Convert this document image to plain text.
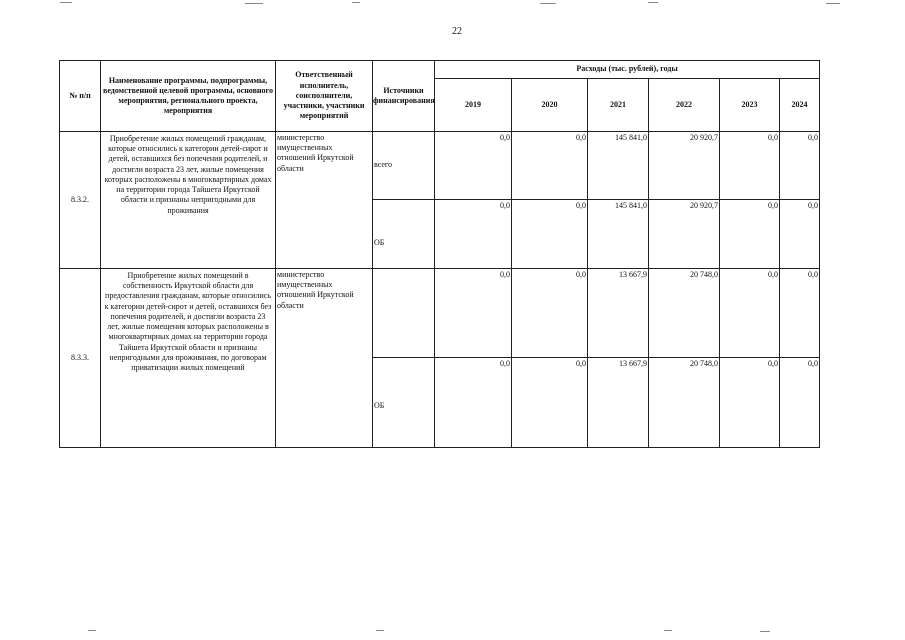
22
№ п/п	Наименование программы, подпрограммы, ведомственной целевой программы, основного мероприятия, регионального проекта, мероприятия	Ответственный исполнитель, соисполнители, участники, участники мероприятий	Источники финансирования	Расходы (тыс. рублей), годы					
				2019	2020	2021	2022	2023	2024
8.3.2.	Приобретение жилых помещений гражданам, которые относились к категории детей-сирот и детей, оставшихся без попечения родителей, и достигли возраста 23 лет, жилые помещения которых расположены в многоквартирных домах на территории города Тайшета Иркутской области и признаны непригодными для проживания	министерство имущественных отношений Иркутской области	всего	0,0	0,0	145 841,0	20 920,7	0,0	0,0
			ОБ	0,0	0,0	145 841,0	20 920,7	0,0	0,0
8.3.3.	Приобретение жилых помещений в собственность Иркутской области для предоставления гражданам, которые относились к категории детей-сирот и детей, оставшихся без попечения родителей, и достигли возраста 23 лет, жилые помещения которых расположены в многоквартирных домах на территории города Тайшета Иркутской области и признаны непригодными для проживания, по договорам приватизации жилых помещений	министерство имущественных отношений Иркутской области		0,0	0,0	13 667,9	20 748,0	0,0	0,0
			ОБ	0,0	0,0	13 667,9	20 748,0	0,0	0,0
